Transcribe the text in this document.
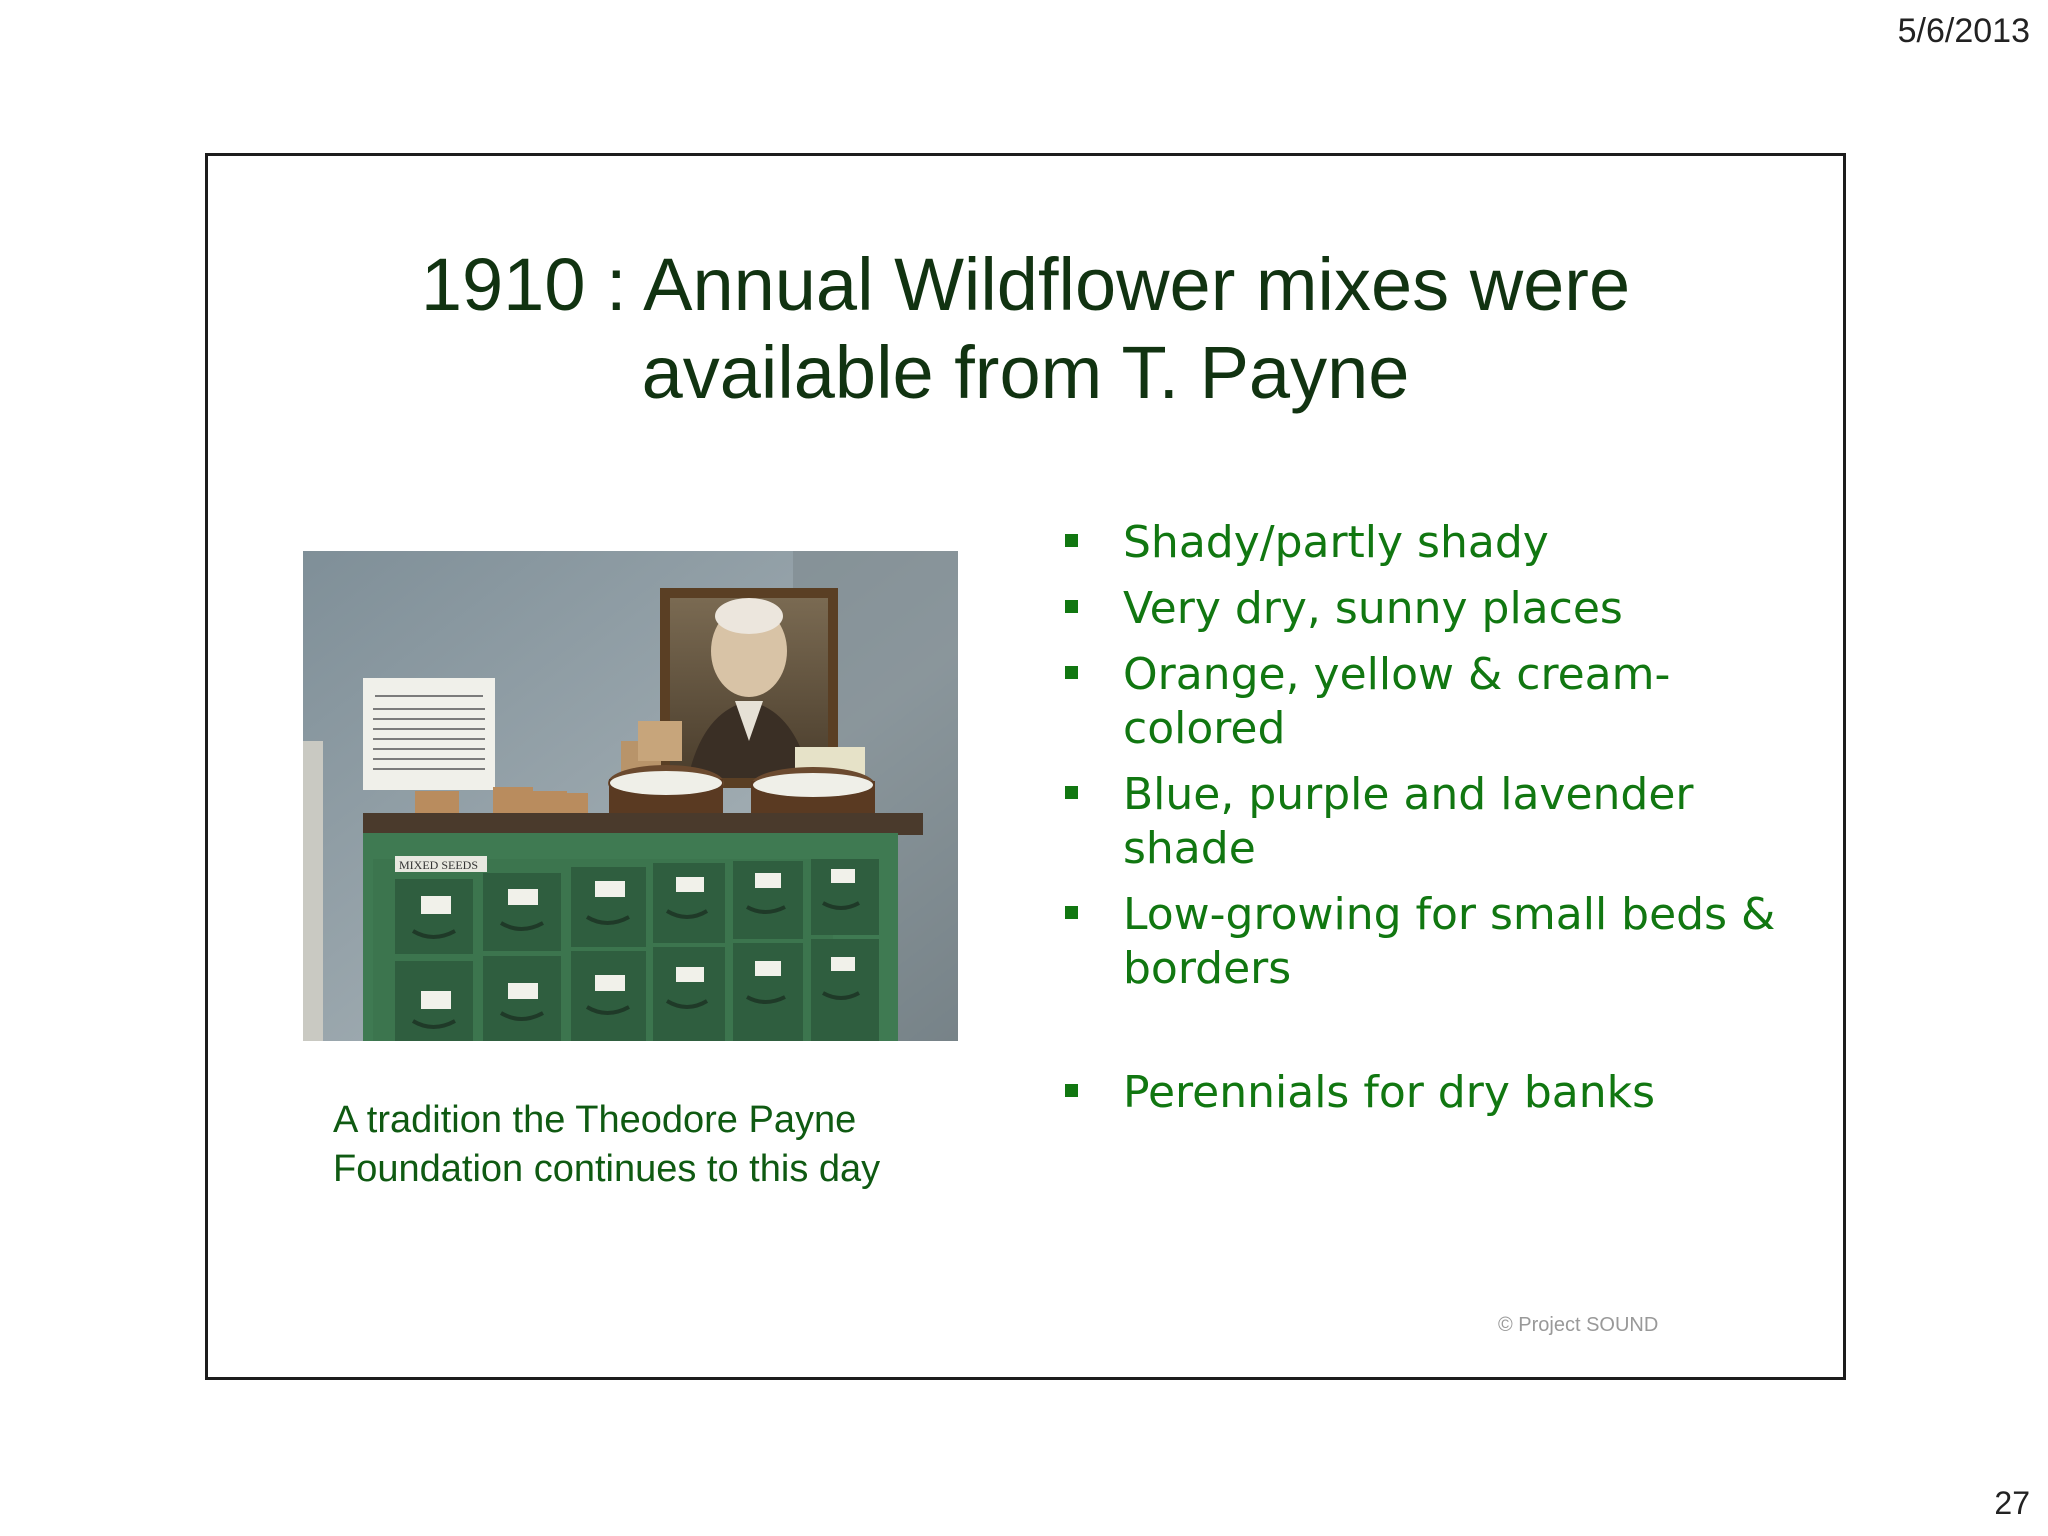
5/6/2013
1910 : Annual Wildflower mixes were
available from T. Payne
MIXED SEEDS
A tradition the Theodore Payne
Foundation continues to this day
Shady/partly shady
Very dry, sunny places
Orange, yellow & cream-colored
Blue, purple and lavender shade
Low-growing for small beds & borders
Perennials for dry banks
© Project SOUND
27
